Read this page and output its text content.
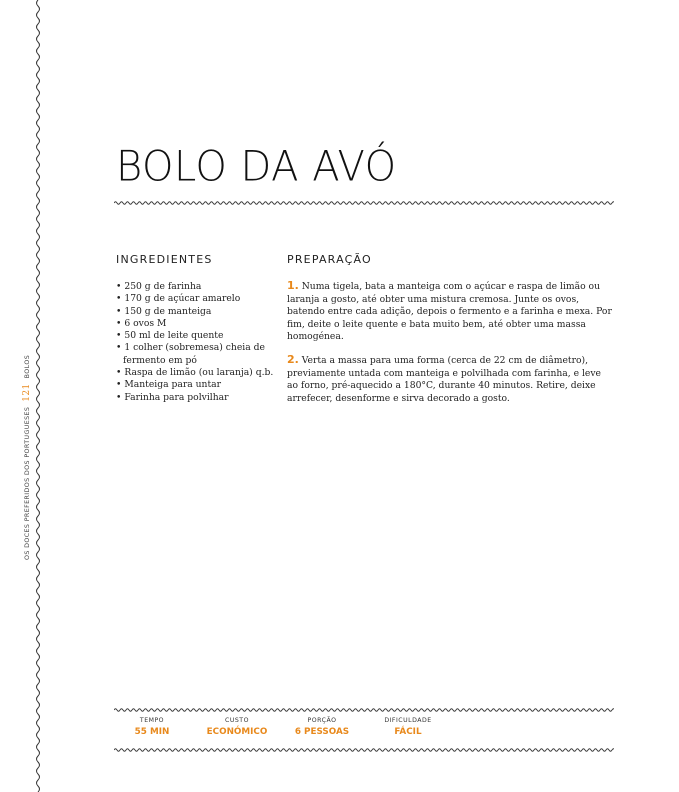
OS DOCES PREFERIDOS DOS PORTUGUESES121BOLOS
BOLO DA AVÓ
INGREDIENTES	PREPARAÇÃO
• 250 g de farinha
• 170 g de açúcar amarelo
• 150 g de manteiga
• 6 ovos M
• 50 ml de leite quente
• 1 colher (sobremesa) cheia de fermento em pó
• Raspa de limão (ou laranja) q.b.
• Manteiga para untar
• Farinha para polvilhar

1. Numa tigela, bata a manteiga com o açúcar e raspa de limão ou laranja a gosto, até obter uma mistura cremosa. Junte os ovos, batendo entre cada adição, depois o fermento e a farinha e mexa. Por fim, deite o leite quente e bata muito bem, até obter uma massa homogénea.

2. Verta a massa para uma forma (cerca de 22 cm de diâmetro), previamente untada com manteiga e polvilhada com farinha, e leve ao forno, pré-aquecido a 180°C, durante 40 minutos. Retire, deixe arrefecer, desenforme e sirva decorado a gosto.

TEMPO
55 MIN
CUSTO
ECONÓMICO
PORÇÃO
6 PESSOAS
DIFICULDADE
FÁCIL
